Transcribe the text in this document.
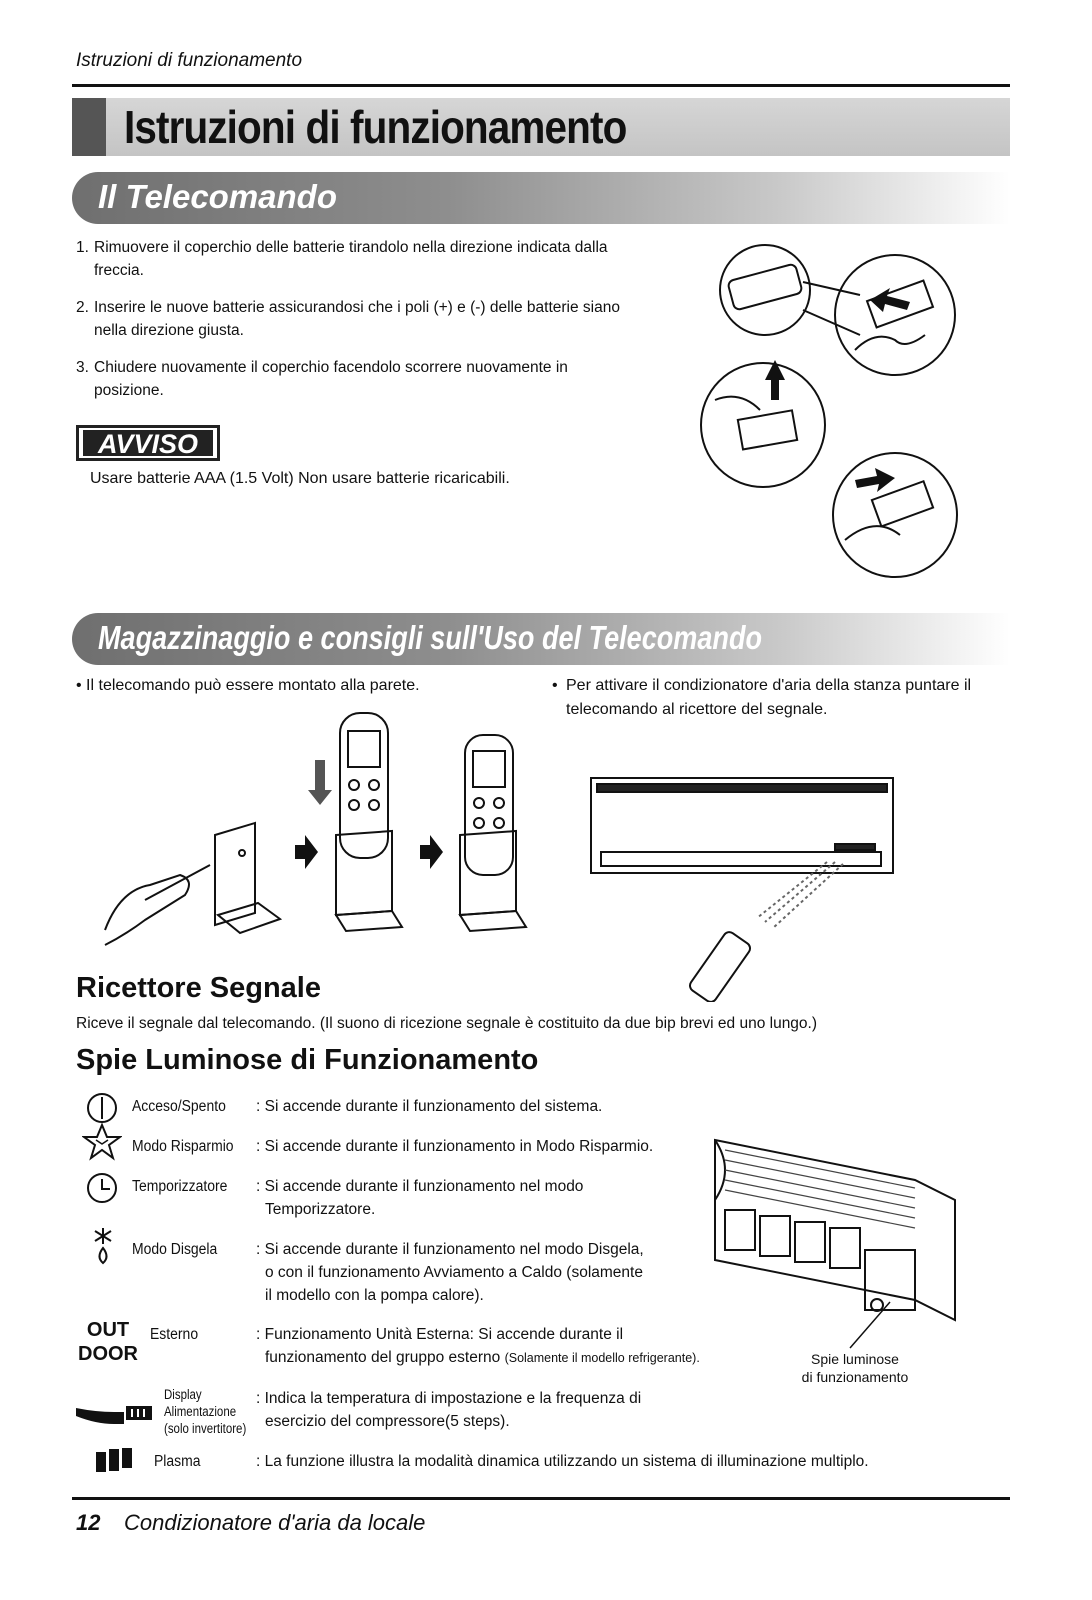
Istruzioni di funzionamento
Istruzioni di funzionamento
Il Telecomando
1. Rimuovere il coperchio delle batterie tirandolo nella direzione indicata dalla freccia.
2. Inserire le nuove batterie assicurandosi che i poli (+) e (-) delle batterie siano nella direzione giusta.
3. Chiudere nuovamente il coperchio facendolo scorrere nuovamente in posizione.
AVVISO
Usare batterie AAA (1.5 Volt) Non usare batterie ricaricabili.
Magazzinaggio e consigli sull'Uso del Telecomando
• Il telecomando può essere montato alla parete.	• Per attivare il condizionatore d'aria della stanza puntare il telecomando al ricettore del segnale.
Ricettore Segnale
Riceve il segnale dal telecomando. (Il suono di ricezione segnale è costituito da due bip brevi ed uno lungo.)
Spie Luminose di Funzionamento
Acceso/Spento : Si accende durante il funzionamento del sistema.
Modo Risparmio : Si accende durante il funzionamento in Modo Risparmio.
Temporizzatore : Si accende durante il funzionamento nel modo
Temporizzatore.
Modo Disgela : Si accende durante il funzionamento nel modo Disgela,
o con il funzionamento Avviamento a Caldo (solamente
il modello con la pompa calore).
OUT DOOR
Esterno	: Funzionamento Unità Esterna: Si accende durante il
funzionamento del gruppo esterno (Solamente il modello refrigerante).
Display
Alimentazione
(solo invertitore)
: Indica la temperatura di impostazione e la frequenza di
esercizio del compressore(5 steps).
Plasma	: La funzione illustra la modalità dinamica utilizzando un sistema di illuminazione multiplo.
Spie luminose
di funzionamento
12 Condizionatore d'aria da locale
